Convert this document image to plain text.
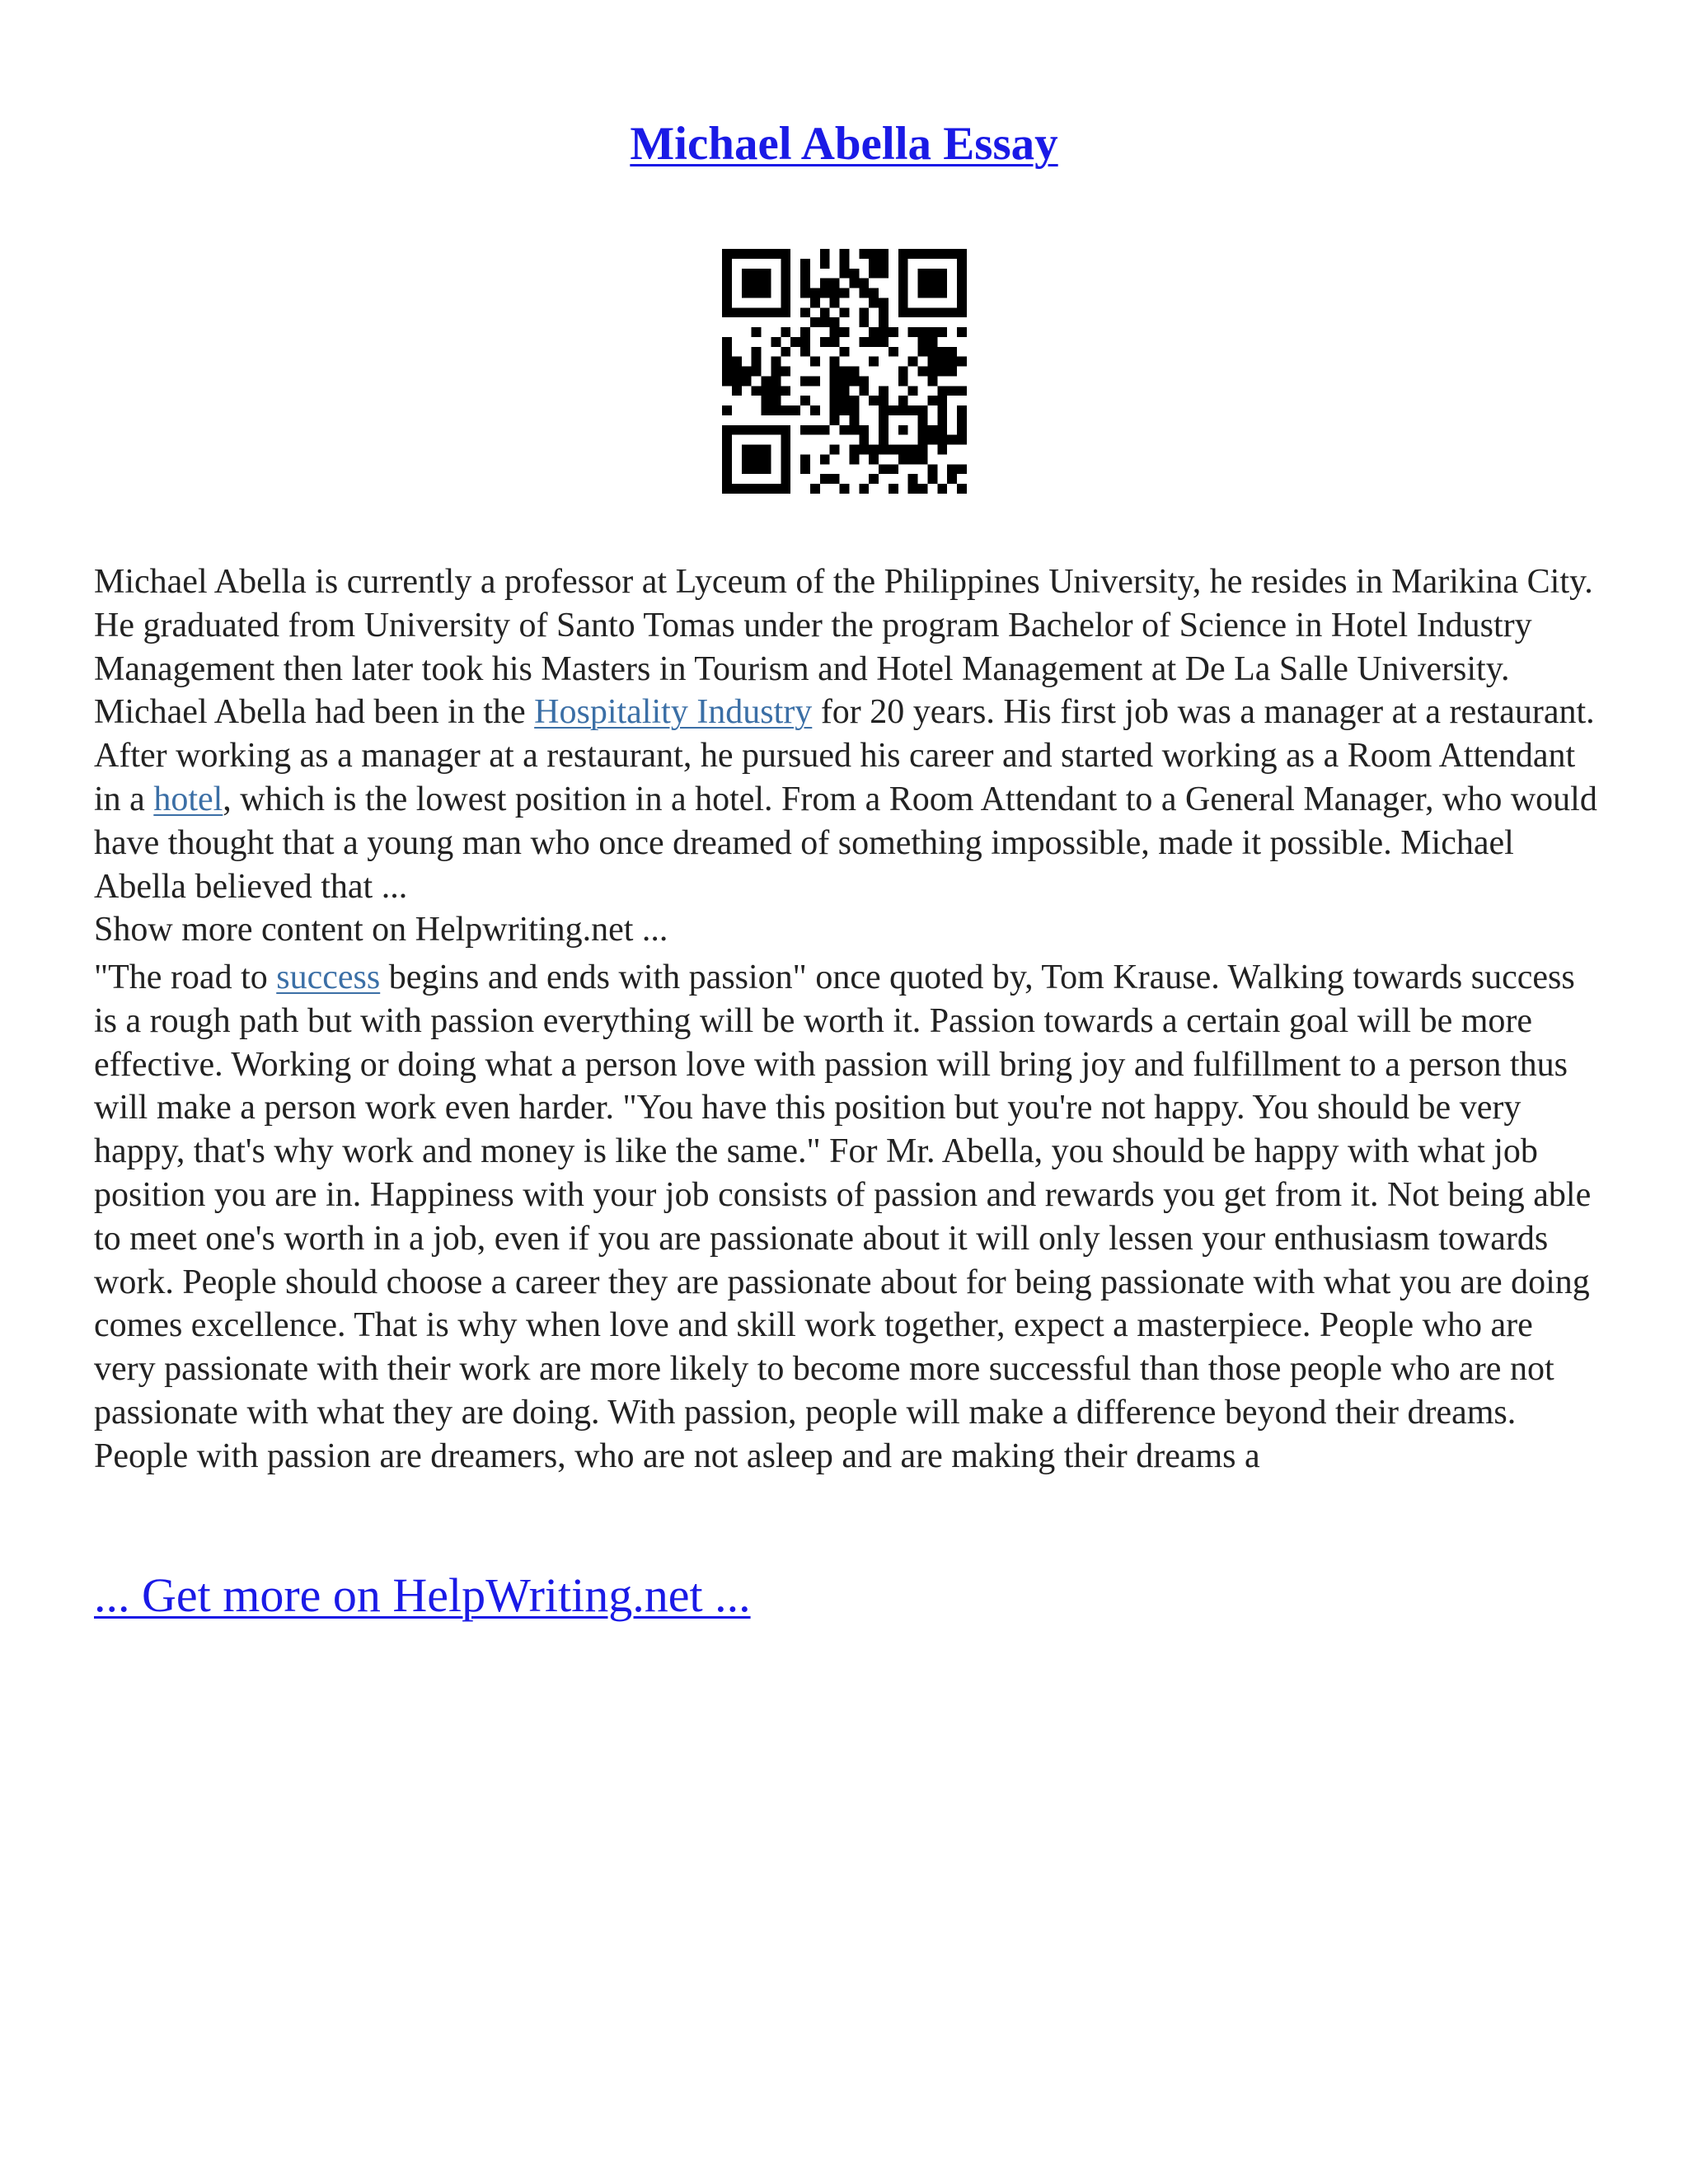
Michael Abella Essay

Michael Abella is currently a professor at Lyceum of the Philippines University, he resides in Marikina City. He graduated from University of Santo Tomas under the program Bachelor of Science in Hotel Industry Management then later took his Masters in Tourism and Hotel Management at De La Salle University. Michael Abella had been in the Hospitality Industry for 20 years. His first job was a manager at a restaurant. After working as a manager at a restaurant, he pursued his career and started working as a Room Attendant in a hotel, which is the lowest position in a hotel. From a Room Attendant to a General Manager, who would have thought that a young man who once dreamed of something impossible, made it possible. Michael Abella believed that ...
Show more content on Helpwriting.net ...

"The road to success begins and ends with passion" once quoted by, Tom Krause. Walking towards success is a rough path but with passion everything will be worth it. Passion towards a certain goal will be more effective. Working or doing what a person love with passion will bring joy and fulfillment to a person thus will make a person work even harder. "You have this position but you're not happy. You should be very happy, that's why work and money is like the same." For Mr. Abella, you should be happy with what job position you are in. Happiness with your job consists of passion and rewards you get from it. Not being able to meet one's worth in a job, even if you are passionate about it will only lessen your enthusiasm towards work. People should choose a career they are passionate about for being passionate with what you are doing comes excellence. That is why when love and skill work together, expect a masterpiece. People who are very passionate with their work are more likely to become more successful than those people who are not passionate with what they are doing. With passion, people will make a difference beyond their dreams. People with passion are dreamers, who are not asleep and are making their dreams a

... Get more on HelpWriting.net ...
